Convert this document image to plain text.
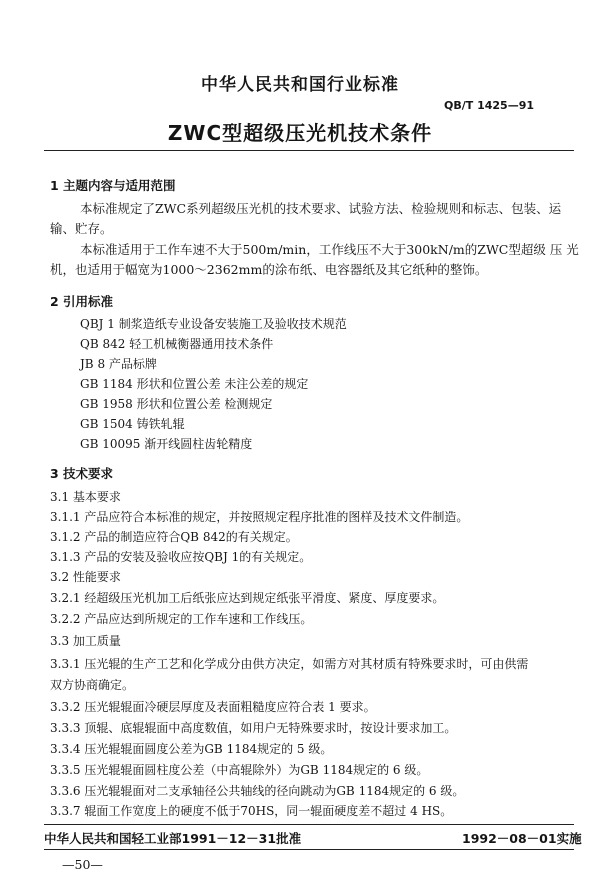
中华人民共和国行业标准
QB/T 1425—91
ZWC型超级压光机技术条件
1 主题内容与适用范围
本标准规定了ZWC系列超级压光机的技术要求、试验方法、检验规则和标志、包装、运
输、贮存。
本标准适用于工作车速不大于500m/min，工作线压不大于300kN/m的ZWC型超级 压 光
机，也适用于幅宽为1000～2362mm的涂布纸、电容器纸及其它纸种的整饰。
2 引用标准
QBJ 1 制浆造纸专业设备安装施工及验收技术规范
QB 842 轻工机械衡器通用技术条件
JB 8 产品标牌
GB 1184 形状和位置公差 未注公差的规定
GB 1958 形状和位置公差 检测规定
GB 1504 铸铁轧辊
GB 10095 渐开线圆柱齿轮精度
3 技术要求
3.1 基本要求
3.1.1 产品应符合本标准的规定，并按照规定程序批准的图样及技术文件制造。
3.1.2 产品的制造应符合QB 842的有关规定。
3.1.3 产品的安装及验收应按QBJ 1的有关规定。
3.2 性能要求
3.2.1 经超级压光机加工后纸张应达到规定纸张平滑度、紧度、厚度要求。
3.2.2 产品应达到所规定的工作车速和工作线压。
3.3 加工质量
3.3.1 压光辊的生产工艺和化学成分由供方决定，如需方对其材质有特殊要求时，可由供需
双方协商确定。
3.3.2 压光辊辊面冷硬层厚度及表面粗糙度应符合表 1 要求。
3.3.3 顶辊、底辊辊面中高度数值，如用户无特殊要求时，按设计要求加工。
3.3.4 压光辊辊面圆度公差为GB 1184规定的 5 级。
3.3.5 压光辊辊面圆柱度公差（中高辊除外）为GB 1184规定的 6 级。
3.3.6 压光辊辊面对二支承轴径公共轴线的径向跳动为GB 1184规定的 6 级。
3.3.7 辊面工作宽度上的硬度不低于70HS，同一辊面硬度差不超过 4 HS。
中华人民共和国轻工业部1991－12－31批准	1992－08－01实施
—50—
